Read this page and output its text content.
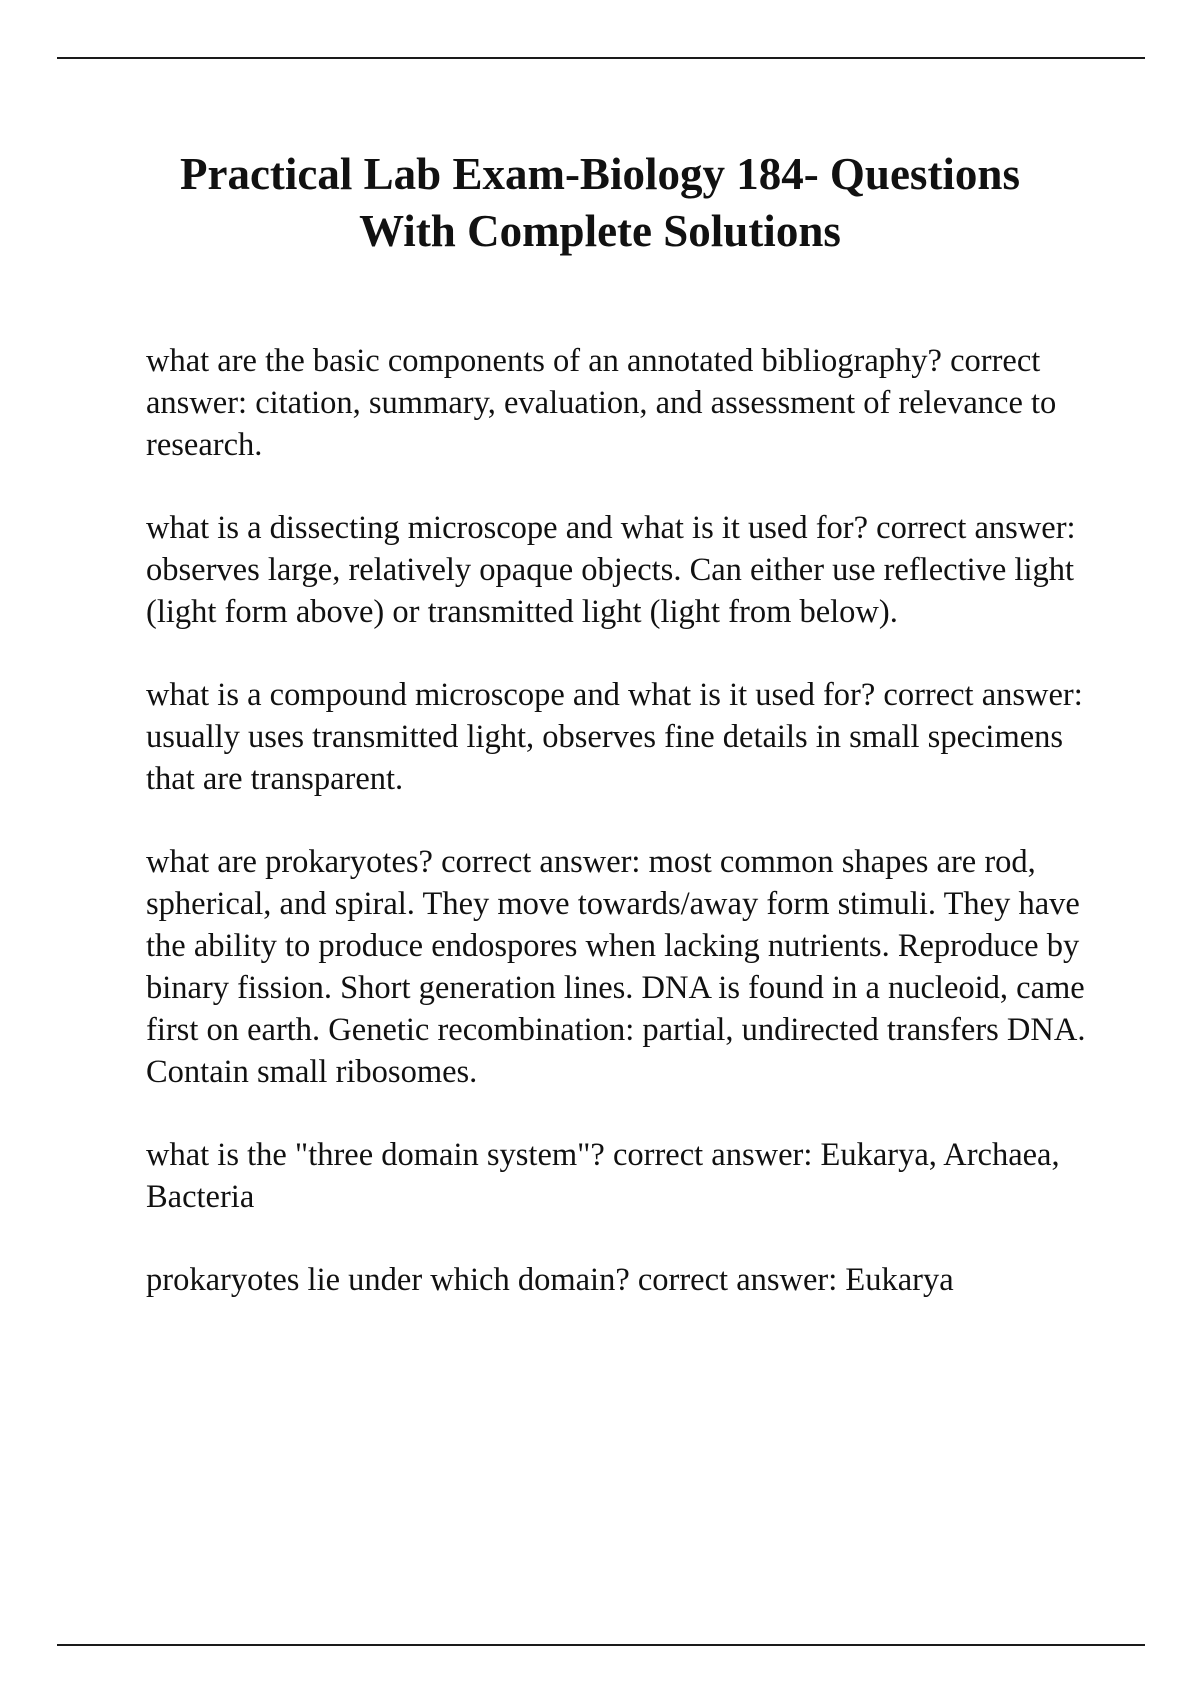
Practical Lab Exam-Biology 184- Questions
With Complete Solutions

what are the basic components of an annotated bibliography? correct answer: citation, summary, evaluation, and assessment of relevance to research.

what is a dissecting microscope and what is it used for? correct answer: observes large, relatively opaque objects. Can either use reflective light (light form above) or transmitted light (light from below).

what is a compound microscope and what is it used for? correct answer: usually uses transmitted light, observes fine details in small specimens that are transparent.

what are prokaryotes? correct answer: most common shapes are rod, spherical, and spiral. They move towards/away form stimuli. They have the ability to produce endospores when lacking nutrients. Reproduce by binary fission. Short generation lines. DNA is found in a nucleoid, came first on earth. Genetic recombination: partial, undirected transfers DNA. Contain small ribosomes.

what is the "three domain system"? correct answer: Eukarya, Archaea, Bacteria

prokaryotes lie under which domain? correct answer: Eukarya
